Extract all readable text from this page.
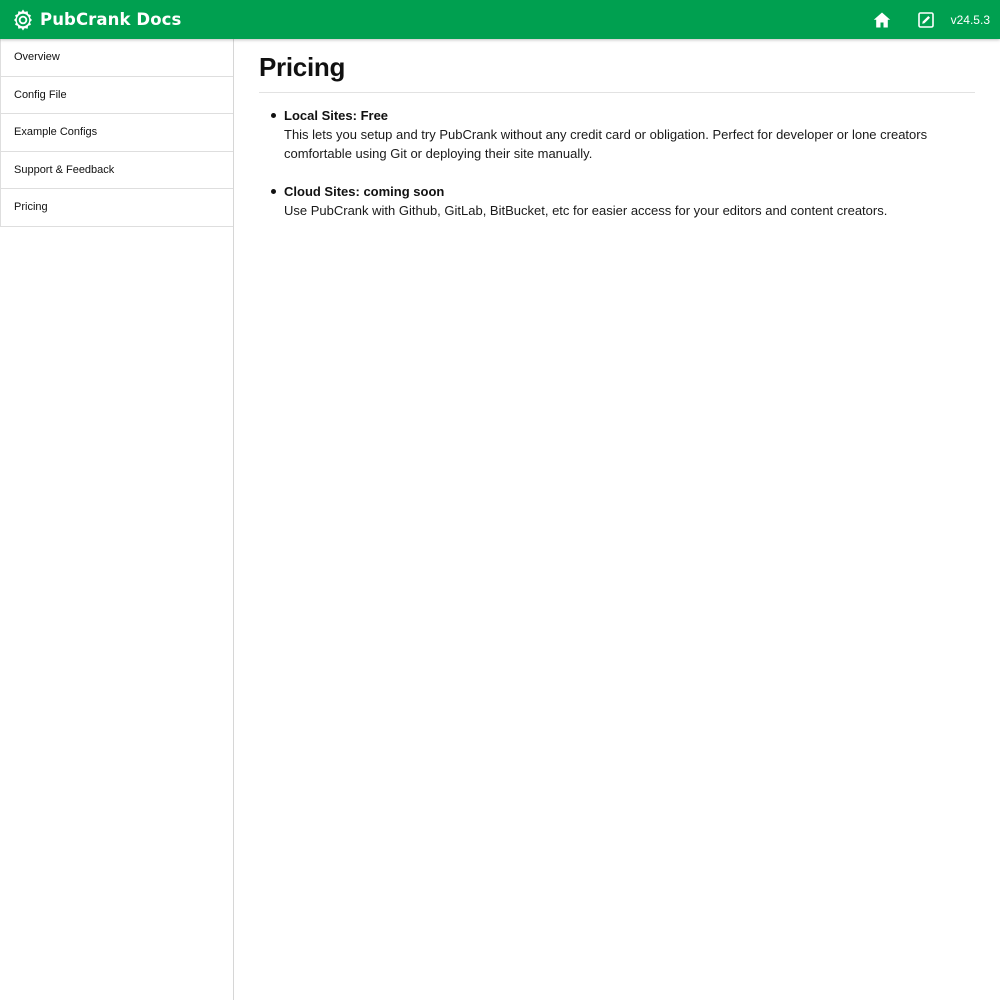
PubCrank Docs	v24.5.3
Overview
Config File
Example Configs
Support & Feedback
Pricing
Pricing
Local Sites: Free
This lets you setup and try PubCrank without any credit card or obligation. Perfect for developer or lone creators comfortable using Git or deploying their site manually.
Cloud Sites: coming soon
Use PubCrank with Github, GitLab, BitBucket, etc for easier access for your editors and content creators.
